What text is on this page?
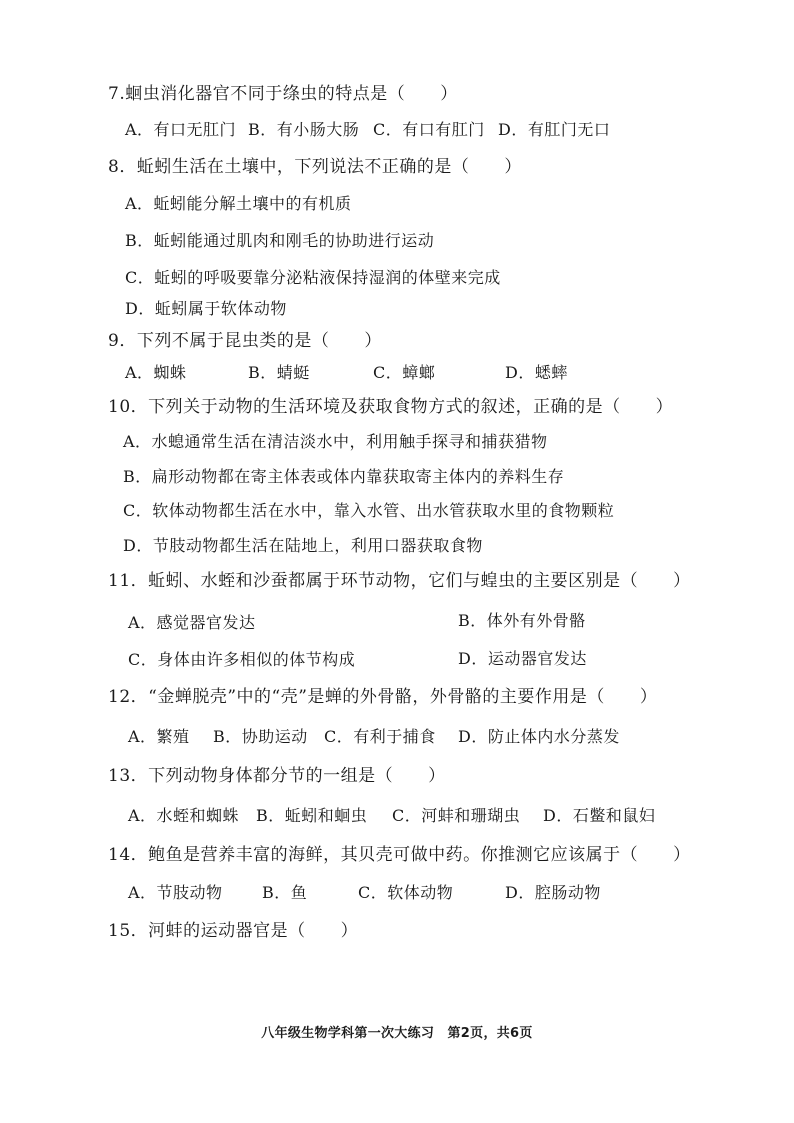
7.蛔虫消化器官不同于绦虫的特点是（　　）
A．有口无肛门 B．有小肠大肠 C．有口有肛门 D．有肛门无口
8．蚯蚓生活在土壤中，下列说法不正确的是（　　）
A．蚯蚓能分解土壤中的有机质
B．蚯蚓能通过肌肉和刚毛的协助进行运动
C．蚯蚓的呼吸要靠分泌粘液保持湿润的体壁来完成
D．蚯蚓属于软体动物
9．下列不属于昆虫类的是（　　）
A．蜘蛛	B．蜻蜓	C．蟑螂	D．蟋蟀
10．下列关于动物的生活环境及获取食物方式的叙述，正确的是（　　）
A．水螅通常生活在清洁淡水中，利用触手探寻和捕获猎物
B．扁形动物都在寄主体表或体内靠获取寄主体内的养料生存
C．软体动物都生活在水中，靠入水管、出水管获取水里的食物颗粒
D．节肢动物都生活在陆地上，利用口器获取食物
11．蚯蚓、水蛭和沙蚕都属于环节动物，它们与蝗虫的主要区别是（　　）
A．感觉器官发达	B．体外有外骨骼
C．身体由许多相似的体节构成	D．运动器官发达
12．“金蝉脱壳”中的“壳”是蝉的外骨骼，外骨骼的主要作用是（　　）
A．繁殖 B．协助运动 C．有利于捕食 D．防止体内水分蒸发
13．下列动物身体都分节的一组是（　　）
A．水蛭和蜘蛛 B．蚯蚓和蛔虫 C．河蚌和珊瑚虫 D．石鳖和鼠妇
14．鲍鱼是营养丰富的海鲜，其贝壳可做中药。你推测它应该属于（　　）
A．节肢动物 B．鱼	C．软体动物	D．腔肠动物
15．河蚌的运动器官是（　　）
八年级生物学科第一次大练习　第2页，共6页
